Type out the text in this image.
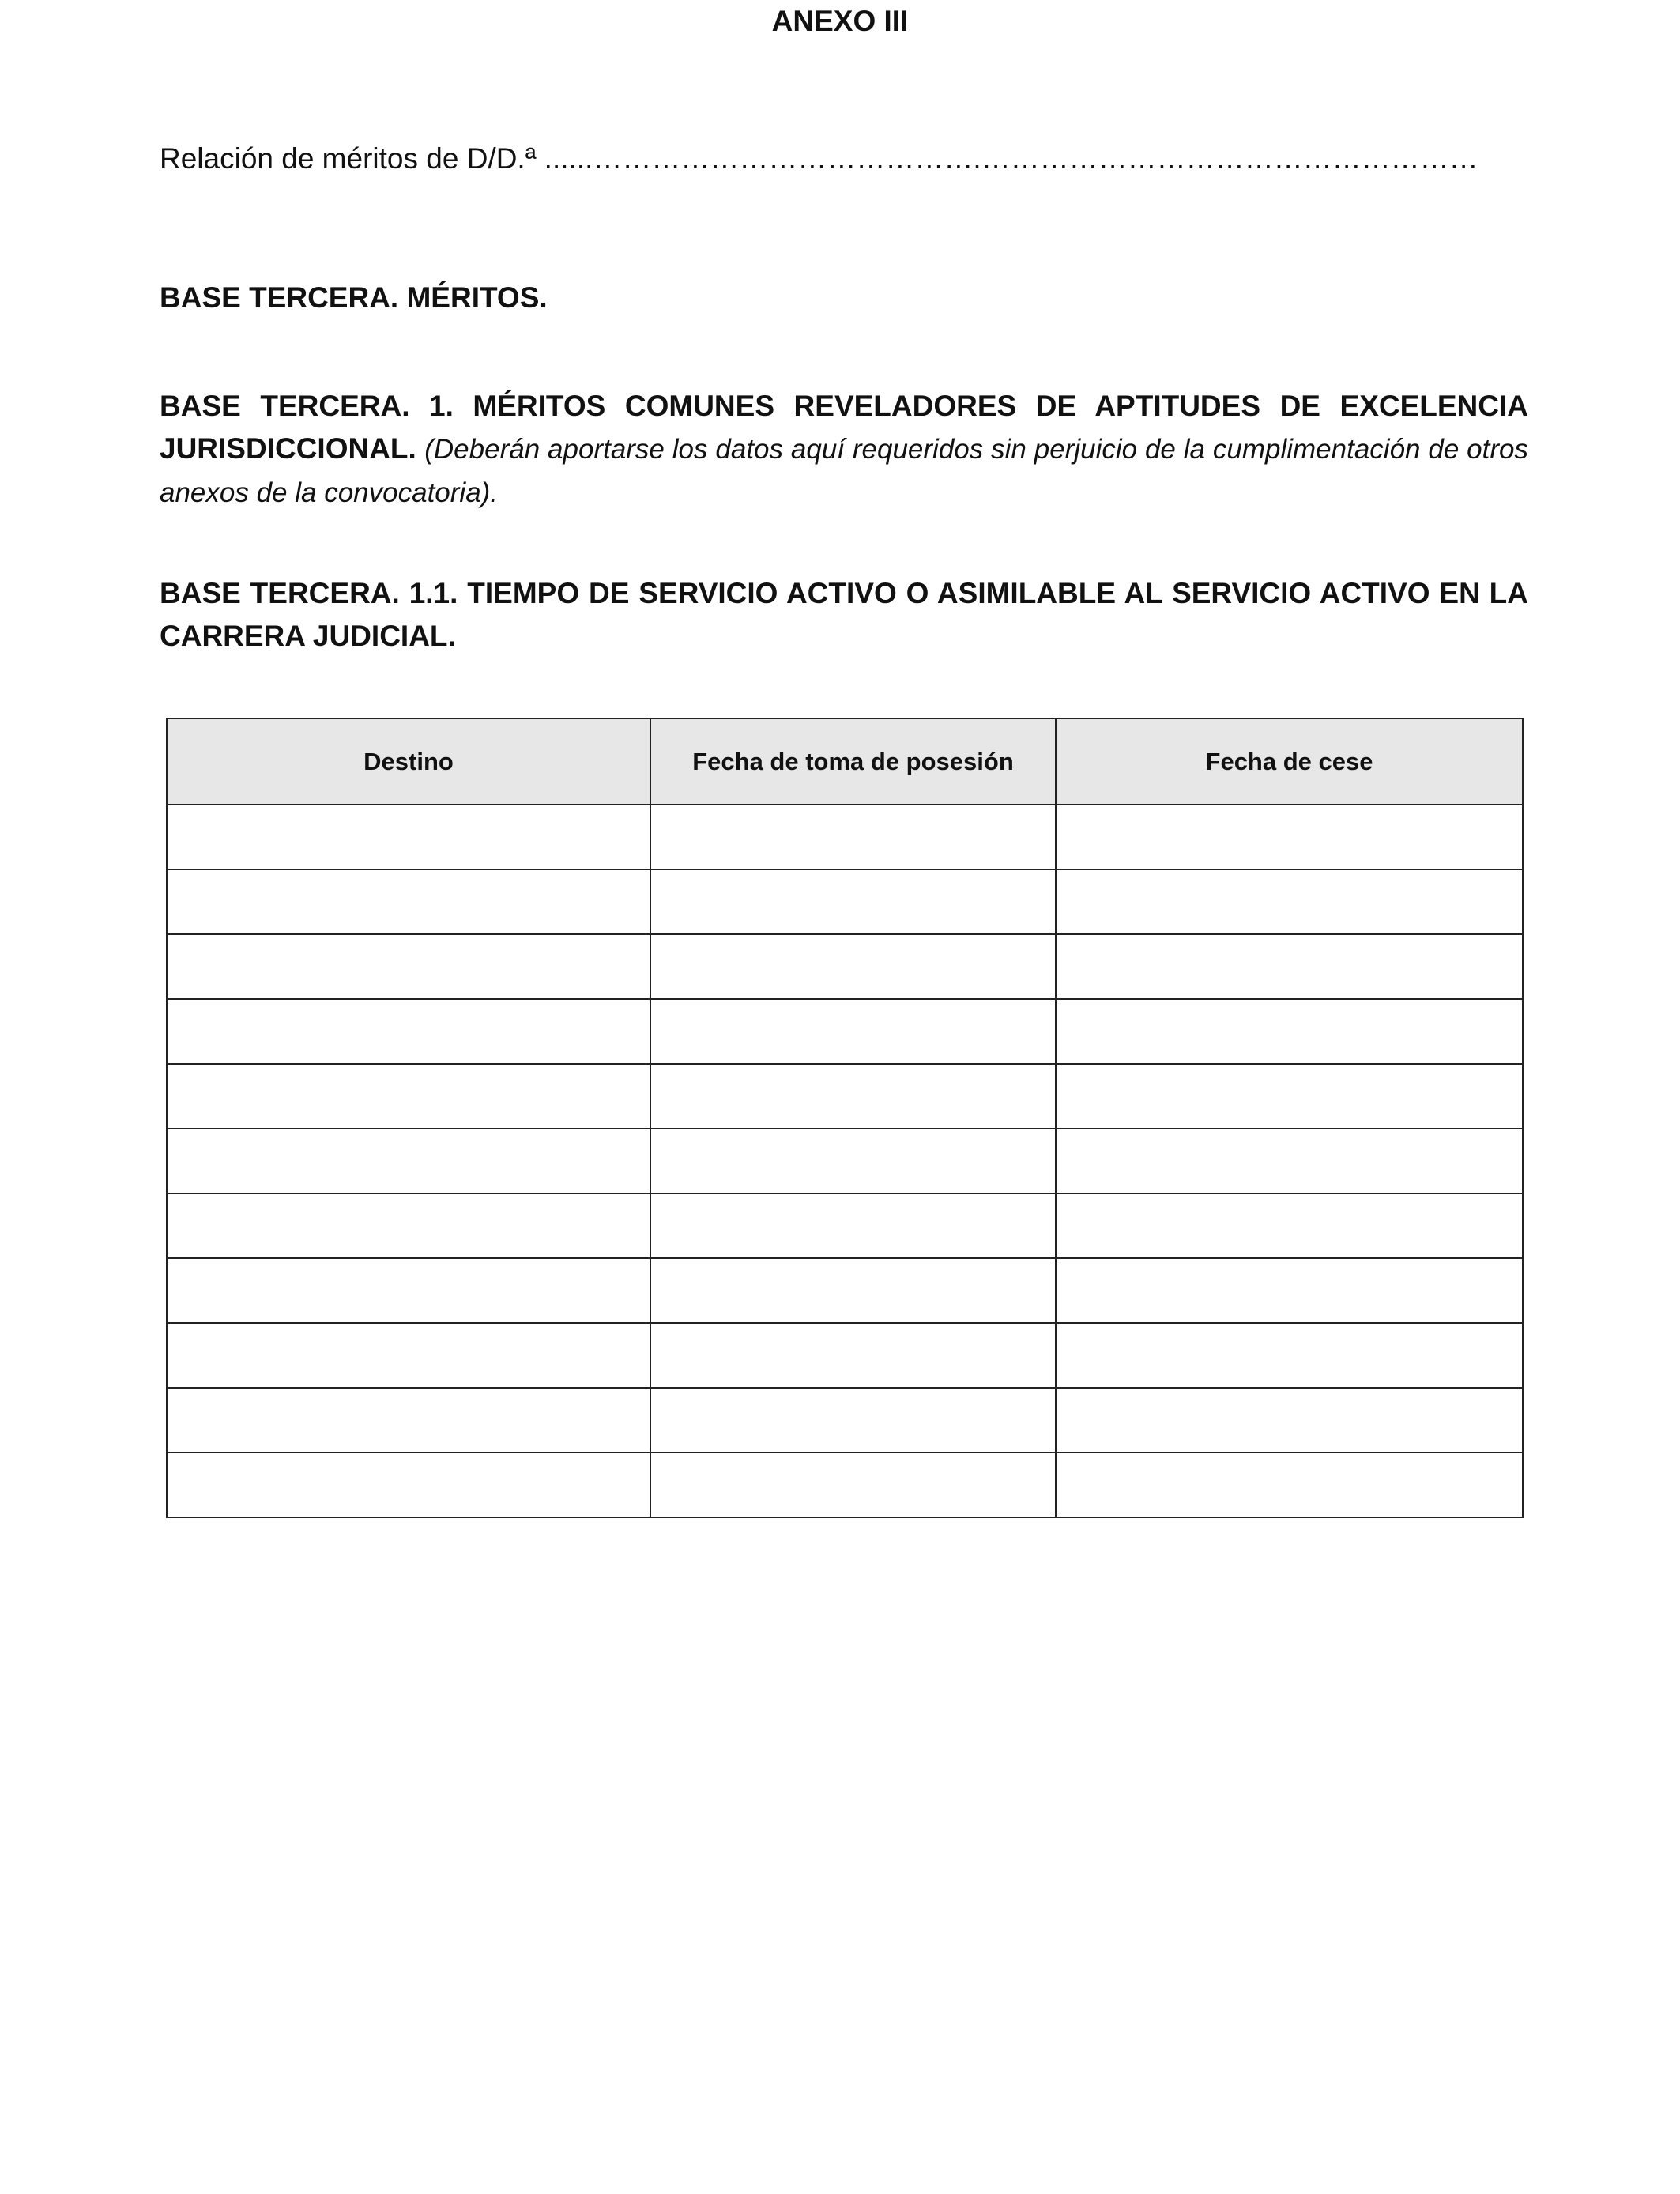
ANEXO III
Relación de méritos de D/D.ª ......………………………………….……………………………………………
BASE TERCERA. MÉRITOS.
BASE TERCERA. 1. MÉRITOS COMUNES REVELADORES DE APTITUDES DE EXCELENCIA JURISDICCIONAL. (Deberán aportarse los datos aquí requeridos sin perjuicio de la cumplimentación de otros anexos de la convocatoria).
BASE TERCERA. 1.1. TIEMPO DE SERVICIO ACTIVO O ASIMILABLE AL SERVICIO ACTIVO EN LA CARRERA JUDICIAL.
Destino	Fecha de toma de posesión	Fecha de cese
